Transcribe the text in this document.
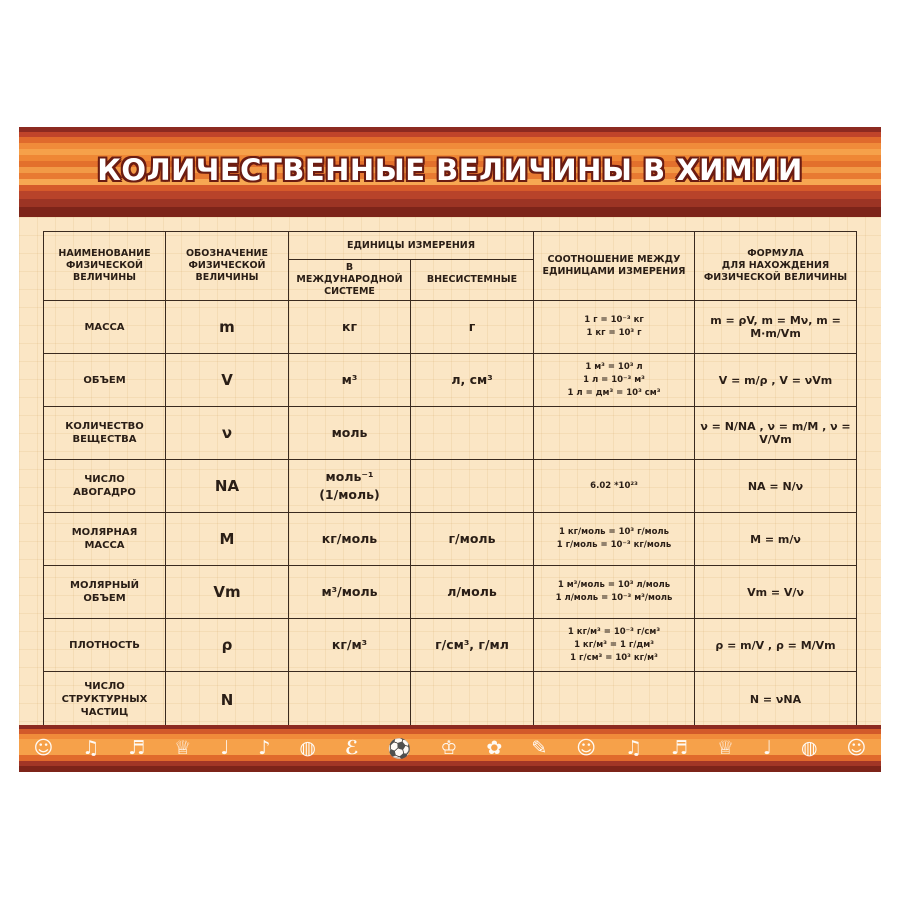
КОЛИЧЕСТВЕННЫЕ ВЕЛИЧИНЫ В ХИМИИ
НАИМЕНОВАНИЕ
ФИЗИЧЕСКОЙ
ВЕЛИЧИНЫ	ОБОЗНАЧЕНИЕ
ФИЗИЧЕСКОЙ
ВЕЛИЧИНЫ	ЕДИНИЦЫ ИЗМЕРЕНИЯ		СООТНОШЕНИЕ МЕЖДУ
ЕДИНИЦАМИ ИЗМЕРЕНИЯ	ФОРМУЛА
ДЛЯ НАХОЖДЕНИЯ
ФИЗИЧЕСКОЙ ВЕЛИЧИНЫ
		В МЕЖДУНАРОДНОЙ
СИСТЕМЕ	ВНЕСИСТЕМНЫЕ		
МАССА	m	кг	г	1 г = 10⁻³ кг
1 кг = 10³ г	m = ρV, m = Mν, m = M·m/Vm
ОБЪЕМ	V	м³	л, см³	1 м³ = 10³ л
1 л = 10⁻³ м³
1 л = дм³ = 10³ см³	V = m/ρ , V = νVm
КОЛИЧЕСТВО
ВЕЩЕСТВА	ν	моль			ν = N/NA , ν = m/M , ν = V/Vm
ЧИСЛО
АВОГАДРО	NA	моль⁻¹
(1/моль)		6.02 *10²³	NA = N/ν
МОЛЯРНАЯ
МАССА	M	кг/моль	г/моль	1 кг/моль = 10³ г/моль
1 г/моль = 10⁻³ кг/моль	M = m/ν
МОЛЯРНЫЙ
ОБЪЕМ	Vm	м³/моль	л/моль	1 м³/моль = 10³ л/моль
1 л/моль = 10⁻³ м³/моль	Vm = V/ν
ПЛОТНОСТЬ	ρ	кг/м³	г/см³, г/мл	1 кг/м³ = 10⁻³ г/см³
1 кг/м³ = 1 г/дм³
1 г/см³ = 10³ кг/м³	ρ = m/V , ρ = M/Vm
ЧИСЛО
СТРУКТУРНЫХ
ЧАСТИЦ	N				N = νNA
☺ ♫ ♬ ♕ ♩ ♪ ◍ ℰ ⚽ ♔ ✿ ✎ ☺ ♫ ♬ ♕ ♩ ◍ ☺
